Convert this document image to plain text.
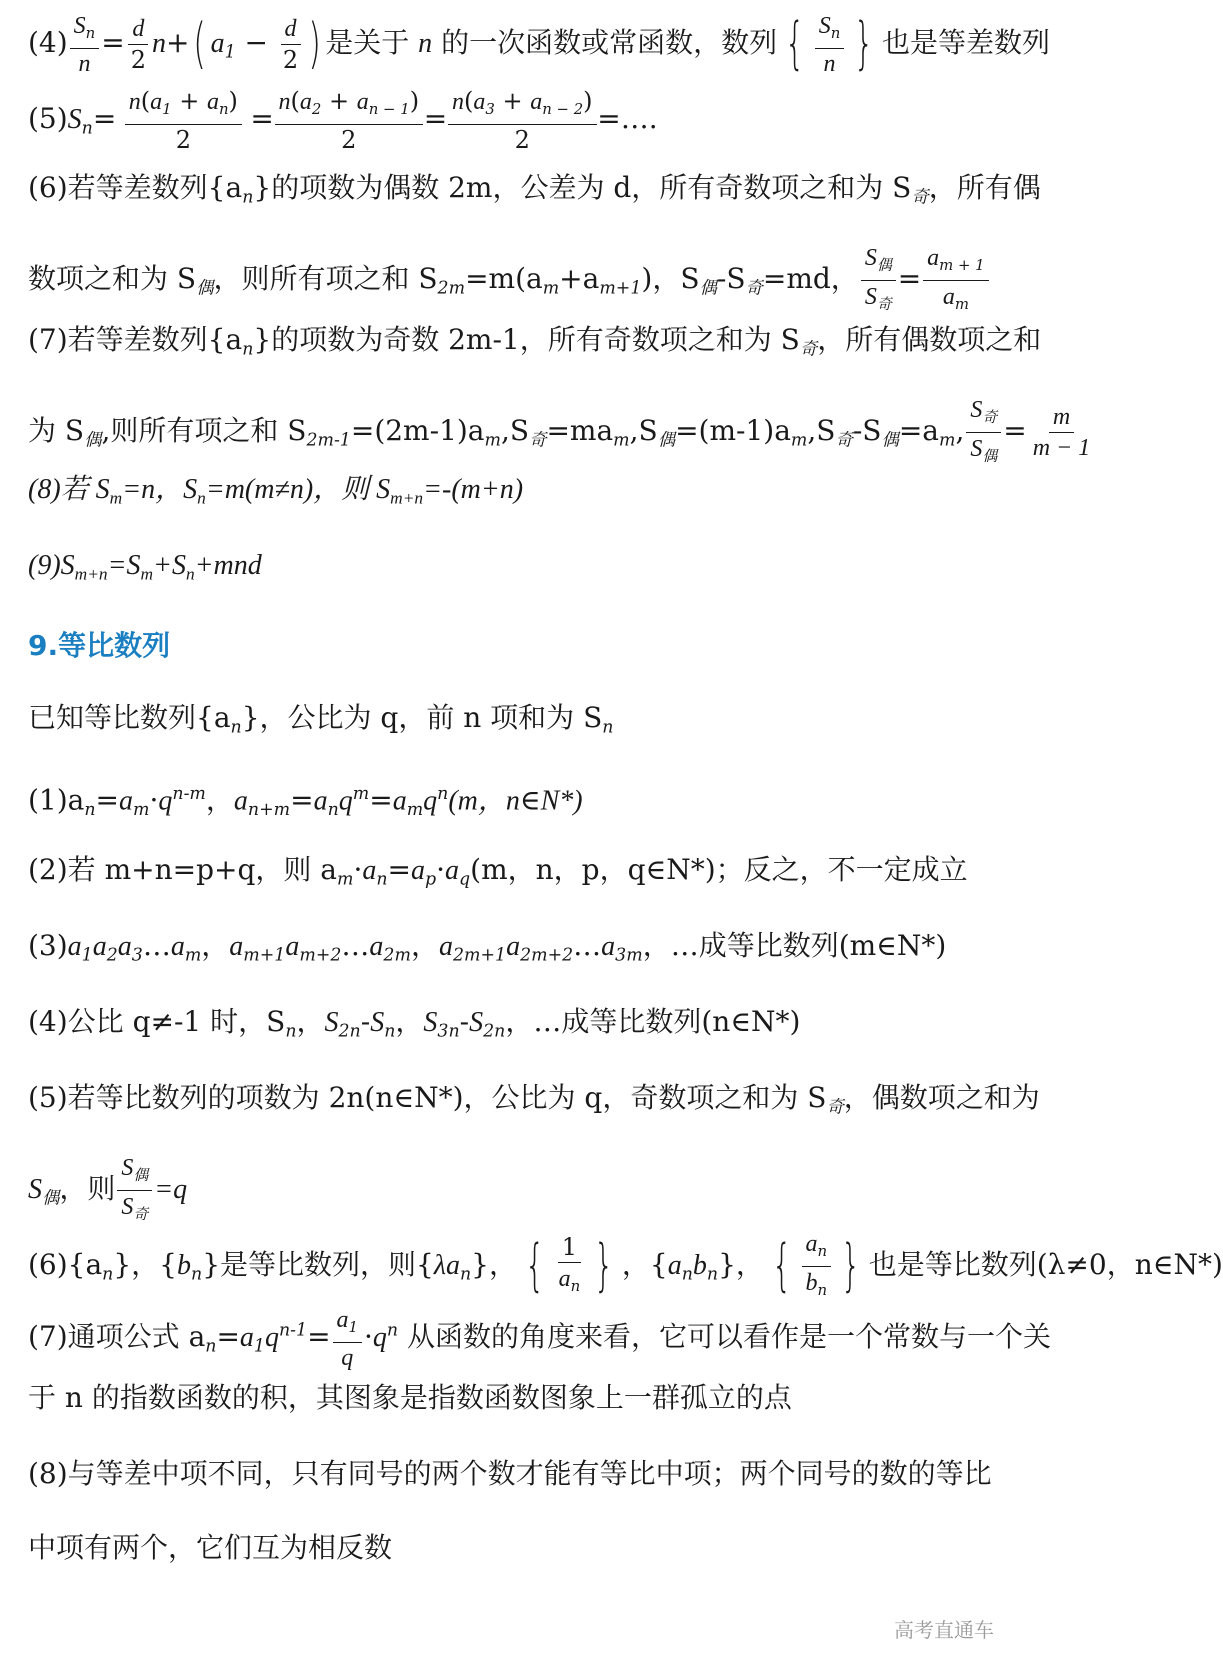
$(4) \frac{Sn}{n} = \frac{d}{2} n+$( $a1 - \frac{d}{2}$ ) 是关于 n 的一次函数或常函数，数列 { $\frac{Sn}{n}$ } 也是等差数列
$(5)Sn= \frac{n(a1 + an)}{2} = \frac{n(a2 + an - 1)}{2} = \frac{n(a3 + an - 2)}{2}$ =….
(6)若等差数列{an}的项数为偶数 2m，公差为 d，所有奇数项之和为 S奇，所有偶
数项之和为 S偶，则所有项之和 S2m=m(am+am+1)，S偶-S奇=md， $\frac{\text{S偶}}{\text{S奇}} = \frac{am + 1}{am}$
(7)若等差数列{an}的项数为奇数 2m-1，所有奇数项之和为 S奇，所有偶数项之和
为 S偶,则所有项之和 S2m-1=(2m-1)am,S奇=mam,S偶=(m-1)am,S奇-S偶=am, $\frac{\text{S奇}}{\text{S偶}} = \frac{m}{m - 1}$
(8)若 Sm=n，Sn=m(m≠n)，则 Sm+n=-(m+n)
(9)Sm+n=Sm+Sn+mnd
9.等比数列
已知等比数列{an}，公比为 q，前 n 项和为 Sn
$(1)an=am\cdot q^{n-m}$，an+m=anq$^m$=amq$^n$(m，n∈N*)
(2)若 m+n=p+q，则 am·an=ap·aq(m，n，p，q∈N*)；反之，不一定成立
(3)a1a2a3…am，am+1am+2…a2m，a2m+1a2m+2…a3m，…成等比数列(m∈N*)
(4)公比 q≠-1 时，Sn，S2n-Sn，S3n-S2n，…成等比数列(n∈N*)
(5)若等比数列的项数为 2n(n∈N*)，公比为 q，奇数项之和为 S奇，偶数项之和为
S偶，则 $\frac{\text{S偶}}{\text{S奇}} =q$
(6){an}，{bn}是等比数列，则{λan}， { $\frac{1}{an}$ } ，{anbn}， { $\frac{an}{bn}$ } 也是等比数列(λ≠0，n∈N*)
(7)通项公式 $an=a1q^{n-1}= \frac{a1}{q} \cdot q^n$ 从函数的角度来看，它可以看作是一个常数与一个关
于 n 的指数函数的积，其图象是指数函数图象上一群孤立的点
(8)与等差中项不同，只有同号的两个数才能有等比中项；两个同号的数的等比
中项有两个，它们互为相反数
高考直通车
